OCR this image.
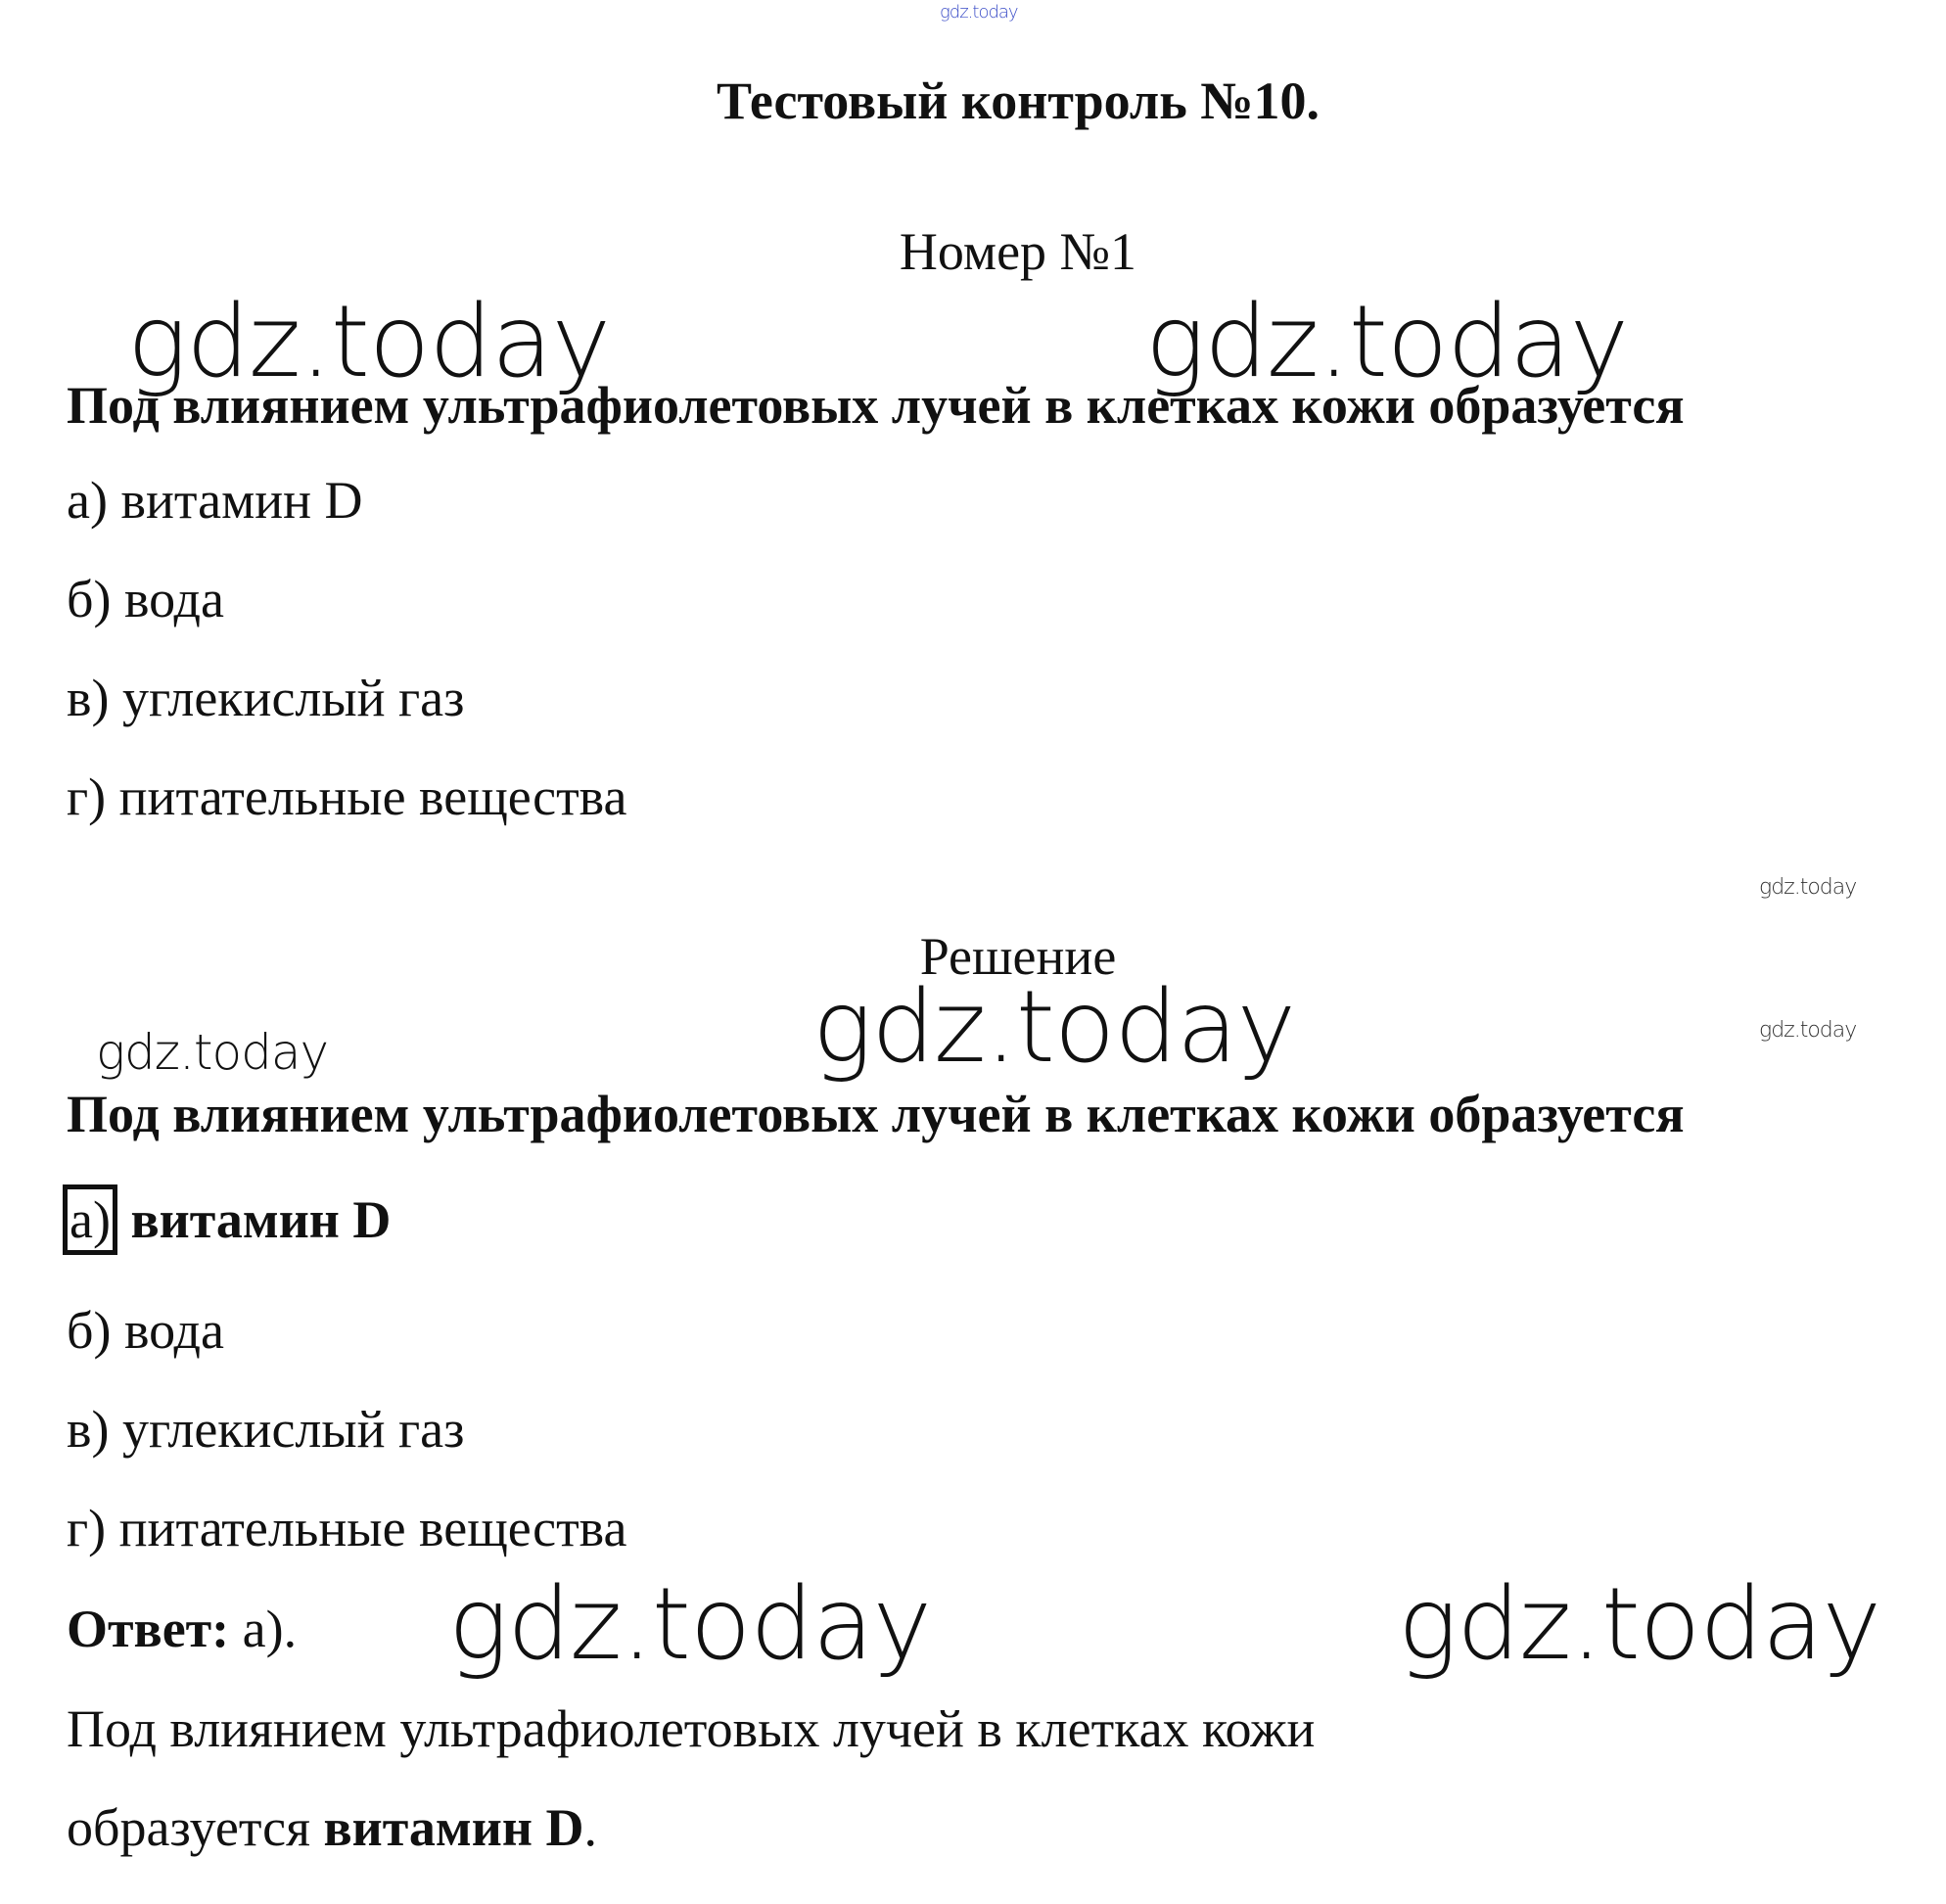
gdz.today
gdz.today	gdz.today
gdz.today
gdz.today
gdz.today	gdz.today
gdz.today	gdz.today
Тестовый контроль №10.
Номер №1
Под влиянием ультрафиолетовых лучей в клетках кожи образуется
а) витамин D
б) вода
в) углекислый газ
г) питательные вещества
Решение
Под влиянием ультрафиолетовых лучей в клетках кожи образуется
а) витамин D
б) вода
в) углекислый газ
г) питательные вещества
Ответ: а).
Под влиянием ультрафиолетовых лучей в клетках кожи
образуется витамин D.
